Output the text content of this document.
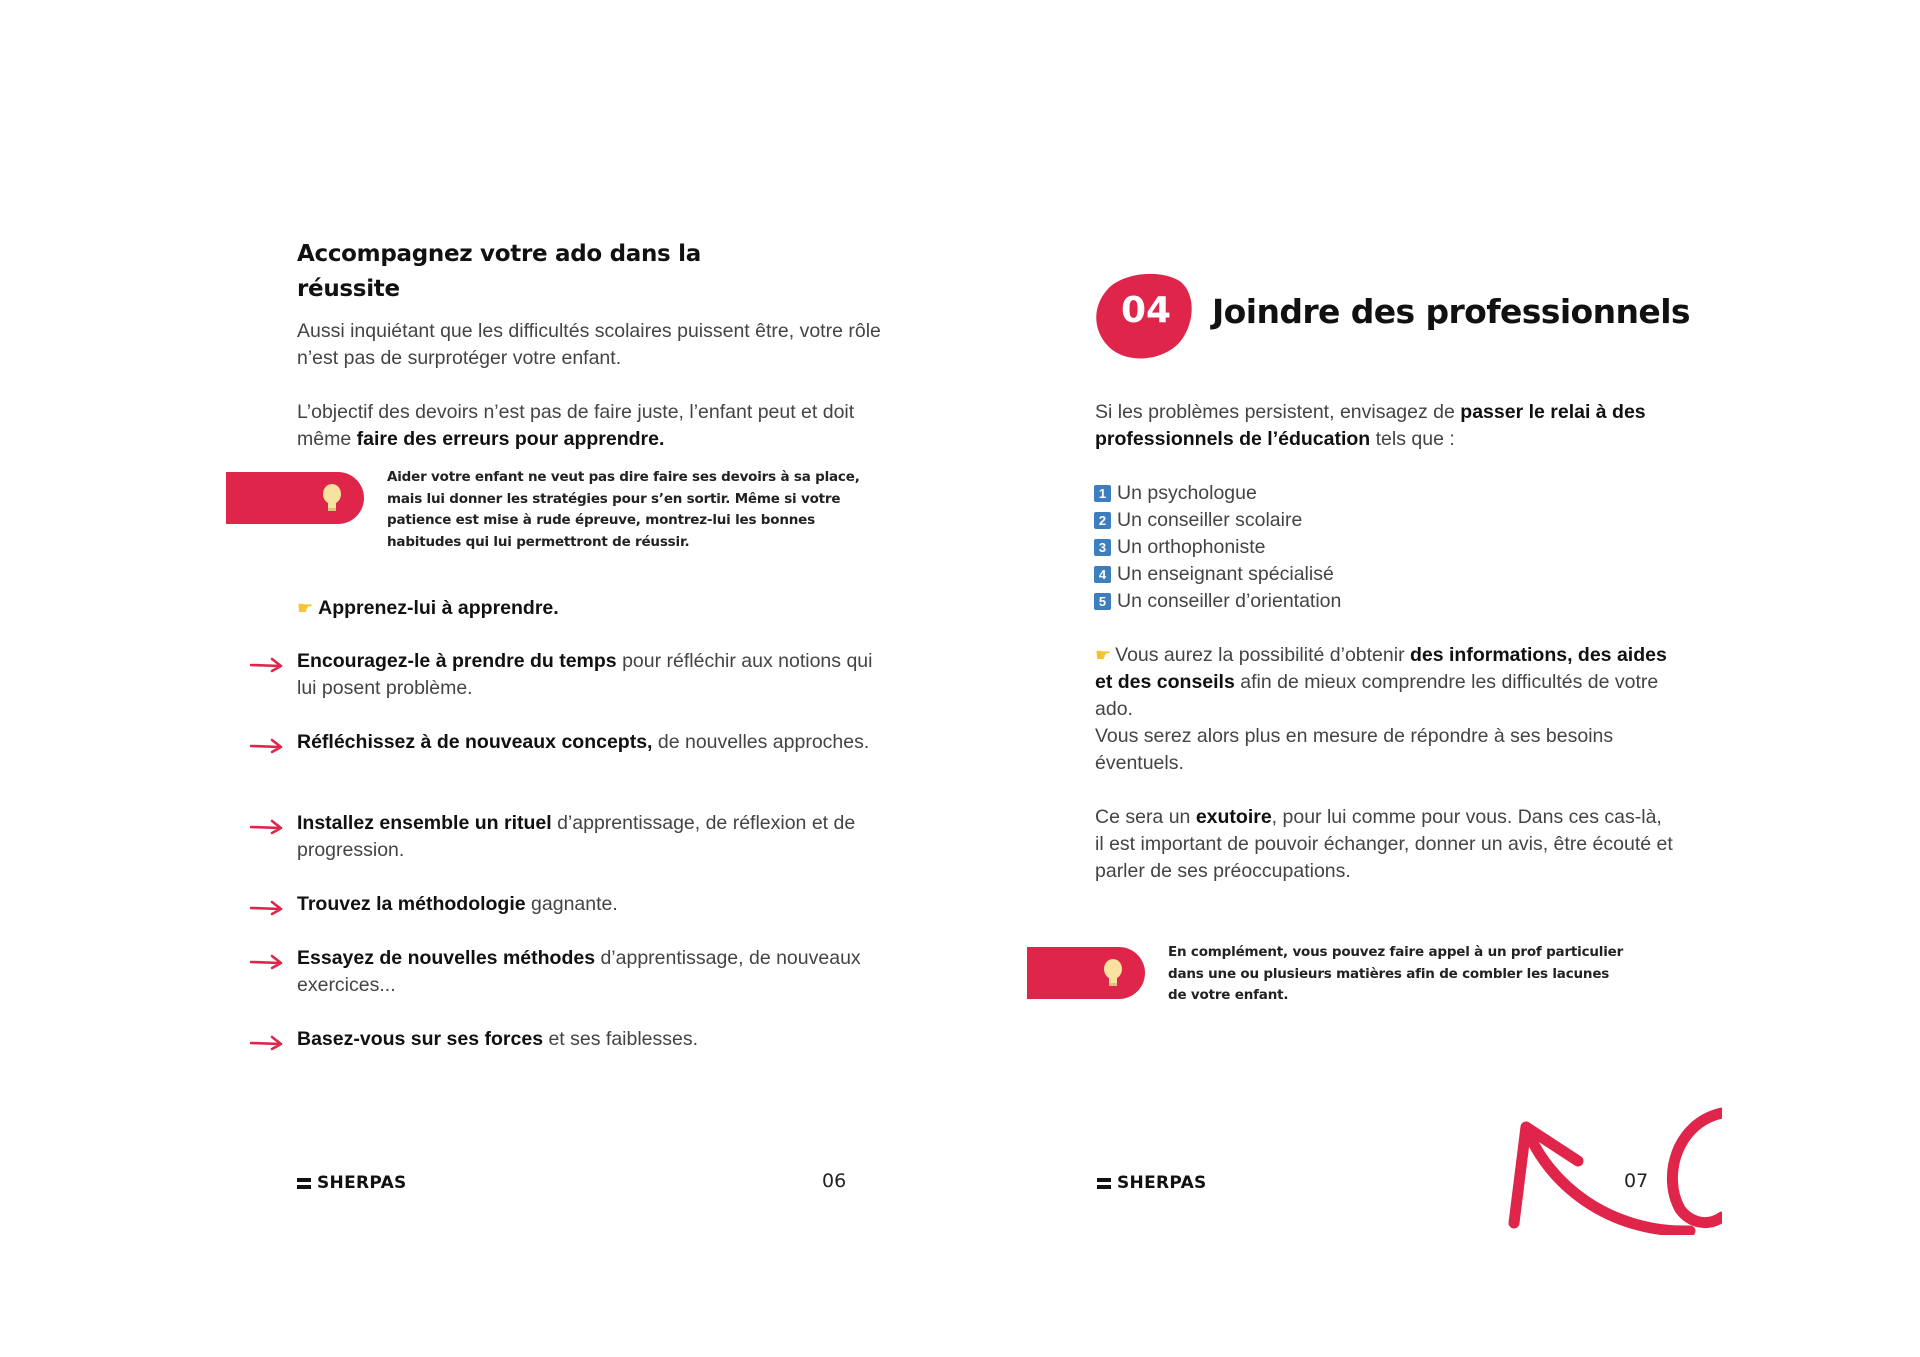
Accompagnez votre ado dans la réussite
Aussi inquiétant que les difficultés scolaires puissent être, votre rôle n’est pas de surprotéger votre enfant.
L’objectif des devoirs n’est pas de faire juste, l’enfant peut et doit même faire des erreurs pour apprendre.
Aider votre enfant ne veut pas dire faire ses devoirs à sa place, mais lui donner les stratégies pour s’en sortir. Même si votre patience est mise à rude épreuve, montrez-lui les bonnes habitudes qui lui permettront de réussir.
☛ Apprenez-lui à apprendre.
Encouragez-le à prendre du temps pour réfléchir aux notions qui lui posent problème.
Réfléchissez à de nouveaux concepts, de nouvelles approches.
Installez ensemble un rituel d’apprentissage, de réflexion et de progression.
Trouvez la méthodologie gagnante.
Essayez de nouvelles méthodes d’apprentissage, de nouveaux exercices...
Basez-vous sur ses forces et ses faiblesses.
SHERPAS	06
04	Joindre des professionnels
Si les problèmes persistent, envisagez de passer le relai à des professionnels de l’éducation tels que :
1 Un psychologue
2 Un conseiller scolaire
3 Un orthophoniste
4 Un enseignant spécialisé
5 Un conseiller d’orientation
☛ Vous aurez la possibilité d’obtenir des informations, des aides et des conseils afin de mieux comprendre les difficultés de votre ado.
Vous serez alors plus en mesure de répondre à ses besoins éventuels.
Ce sera un exutoire, pour lui comme pour vous. Dans ces cas-là, il est important de pouvoir échanger, donner un avis, être écouté et parler de ses préoccupations.
En complément, vous pouvez faire appel à un prof particulier dans une ou plusieurs matières afin de combler les lacunes de votre enfant.
SHERPAS	07
